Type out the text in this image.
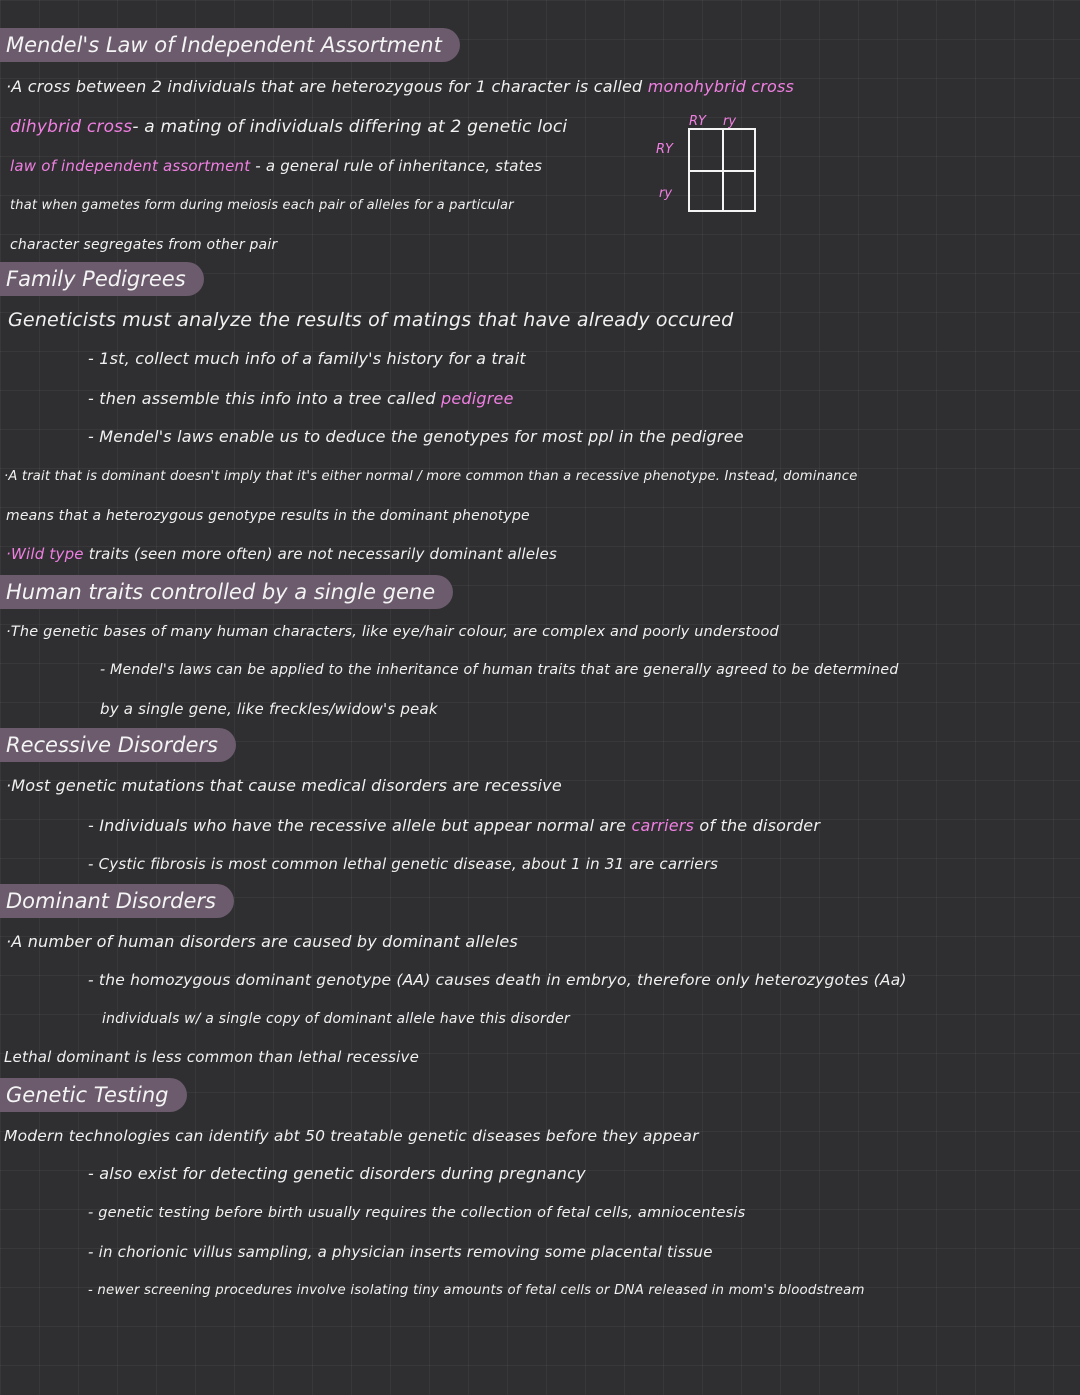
Mendel's Law of Independent Assortment
·A cross between 2 individuals that are heterozygous for 1 character is called monohybrid cross
dihybrid cross- a mating of individuals differing at 2 genetic loci
law of independent assortment - a general rule of inheritance, states
that when gametes form during meiosis each pair of alleles for a particular
character segregates from other pair
RY ry
RY
ry
Family Pedigrees
Geneticists must analyze the results of matings that have already occured
- 1st, collect much info of a family's history for a trait
- then assemble this info into a tree called pedigree
- Mendel's laws enable us to deduce the genotypes for most ppl in the pedigree
·A trait that is dominant doesn't imply that it's either normal / more common than a recessive phenotype. Instead, dominance
means that a heterozygous genotype results in the dominant phenotype
·Wild type traits (seen more often) are not necessarily dominant alleles
Human traits controlled by a single gene
·The genetic bases of many human characters, like eye/hair colour, are complex and poorly understood
- Mendel's laws can be applied to the inheritance of human traits that are generally agreed to be determined
by a single gene, like freckles/widow's peak
Recessive Disorders
·Most genetic mutations that cause medical disorders are recessive
- Individuals who have the recessive allele but appear normal are carriers of the disorder
- Cystic fibrosis is most common lethal genetic disease, about 1 in 31 are carriers
Dominant Disorders
·A number of human disorders are caused by dominant alleles
- the homozygous dominant genotype (AA) causes death in embryo, therefore only heterozygotes (Aa)
individuals w/ a single copy of dominant allele have this disorder
Lethal dominant is less common than lethal recessive
Genetic Testing
Modern technologies can identify abt 50 treatable genetic diseases before they appear
- also exist for detecting genetic disorders during pregnancy
- genetic testing before birth usually requires the collection of fetal cells, amniocentesis
- in chorionic villus sampling, a physician inserts removing some placental tissue
- newer screening procedures involve isolating tiny amounts of fetal cells or DNA released in mom's bloodstream
